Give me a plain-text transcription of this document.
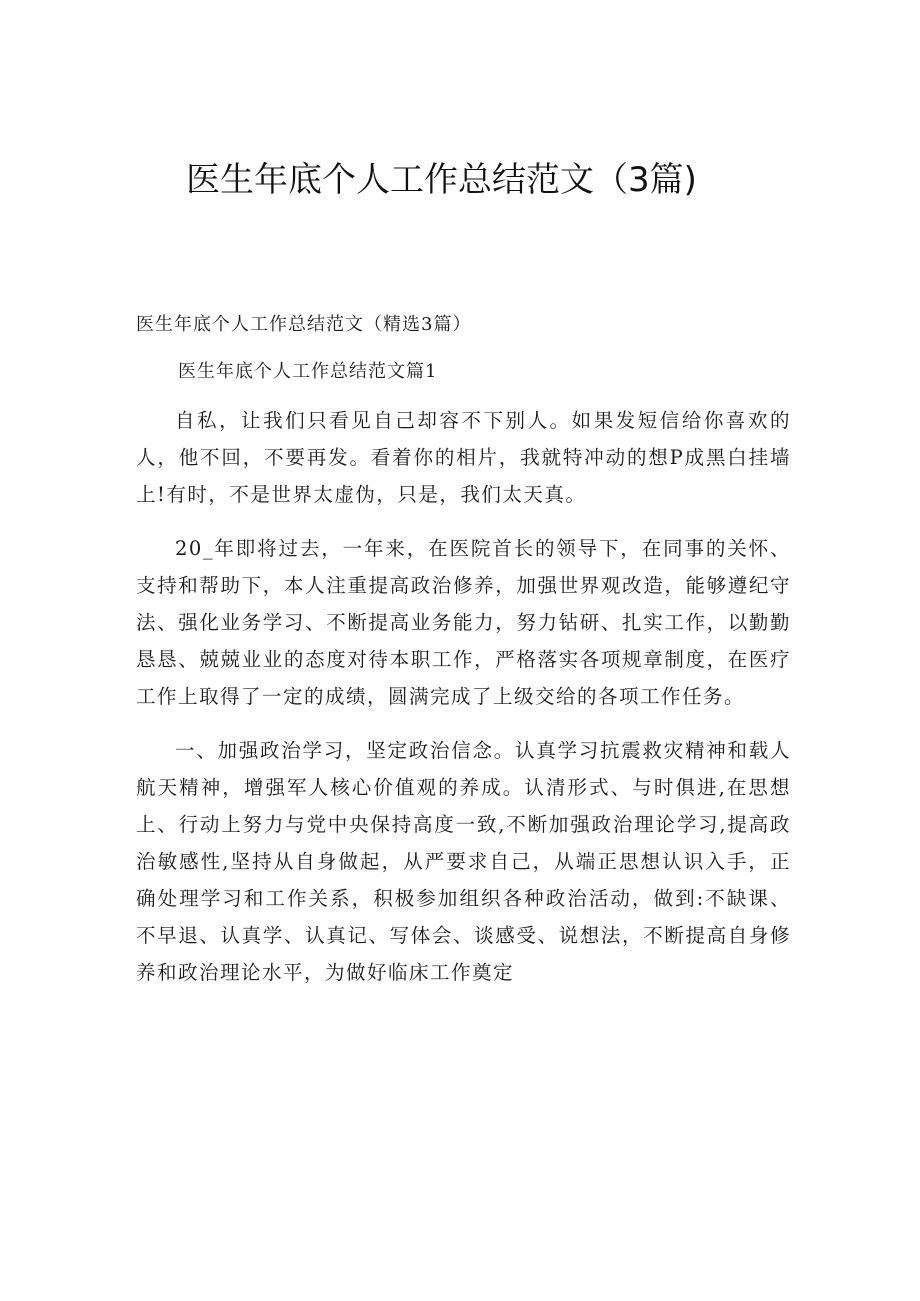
医生年底个人工作总结范文（3篇)

医生年底个人工作总结范文（精选3篇）

医生年底个人工作总结范文篇1

自私，让我们只看见自己却容不下别人。如果发短信给你喜欢的人，他不回，不要再发。看着你的相片，我就特冲动的想P成黑白挂墙上!有时，不是世界太虚伪，只是，我们太天真。

20_年即将过去，一年来，在医院首长的领导下，在同事的关怀、支持和帮助下，本人注重提高政治修养，加强世界观改造，能够遵纪守法、强化业务学习、不断提高业务能力，努力钻研、扎实工作，以勤勤恳恳、兢兢业业的态度对待本职工作，严格落实各项规章制度，在医疗工作上取得了一定的成绩，圆满完成了上级交给的各项工作任务。

一、加强政治学习，坚定政治信念。认真学习抗震救灾精神和载人航天精神，增强军人核心价值观的养成。认清形式、与时俱进,在思想上、行动上努力与党中央保持高度一致,不断加强政治理论学习,提高政治敏感性,坚持从自身做起，从严要求自己，从端正思想认识入手，正确处理学习和工作关系，积极参加组织各种政治活动，做到:不缺课、不早退、认真学、认真记、写体会、谈感受、说想法，不断提高自身修养和政治理论水平，为做好临床工作奠定
